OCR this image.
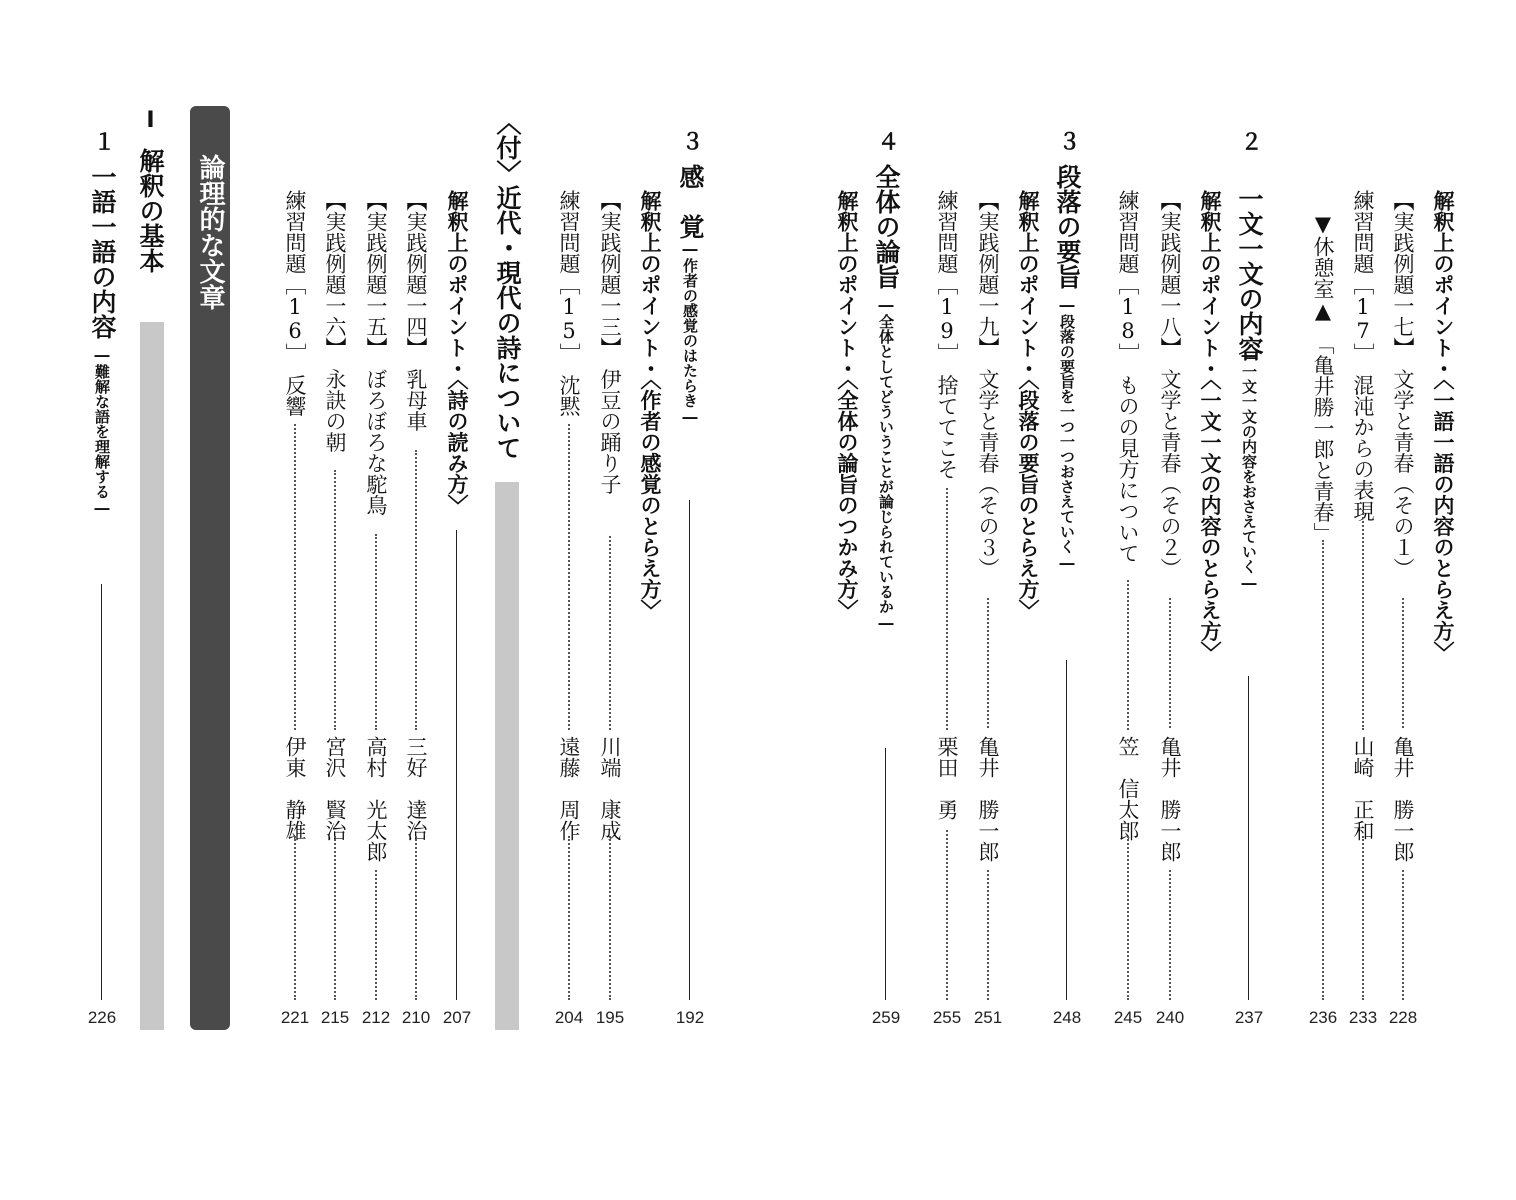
解釈上のポイント・〈一語一語の内容のとらえ方〉
【実践例題一七】　文学と青春（その１）
亀井　勝一郎
228
練習問題［17］　混沌からの表現
山崎　正和
233
▼休憩室▲　「亀井勝一郎と青春」
236
２
一文一文の内容
―一文一文の内容をおさえていく―
237
解釈上のポイント・〈一文一文の内容のとらえ方〉
【実践例題一八】　文学と青春（その２）
亀井　勝一郎
240
練習問題［18］　ものの見方について
笠　信太郎
245
３
段落の要旨
―段落の要旨を一つ一つおさえていく―
248
解釈上のポイント・〈段落の要旨のとらえ方〉
【実践例題一九】　文学と青春（その３）
亀井　勝一郎
251
練習問題［19］　捨ててこそ
栗田　勇
255
４
全体の論旨
―全体としてどういうことが論じられているか―
259
解釈上のポイント・〈全体の論旨のつかみ方〉
３
感　覚
―作者の感覚のはたらき―
192
解釈上のポイント・〈作者の感覚のとらえ方〉
【実践例題一三】　伊豆の踊り子
川端　康成
195
練習問題［15］　沈黙
遠藤　周作
204
〈付〉近代・現代の詩について
解釈上のポイント・〈詩の読み方〉
207
【実践例題一四】　乳母車
三好　達治
210
【実践例題一五】　ぼろぼろな駝鳥
高村　光太郎
212
【実践例題一六】　永訣の朝
宮沢　賢治
215
練習問題［16］　反響
伊東　静雄
221
論理的な文章
Ⅰ
解釈の基本
１
一語一語の内容
―難解な語を理解する―
226
